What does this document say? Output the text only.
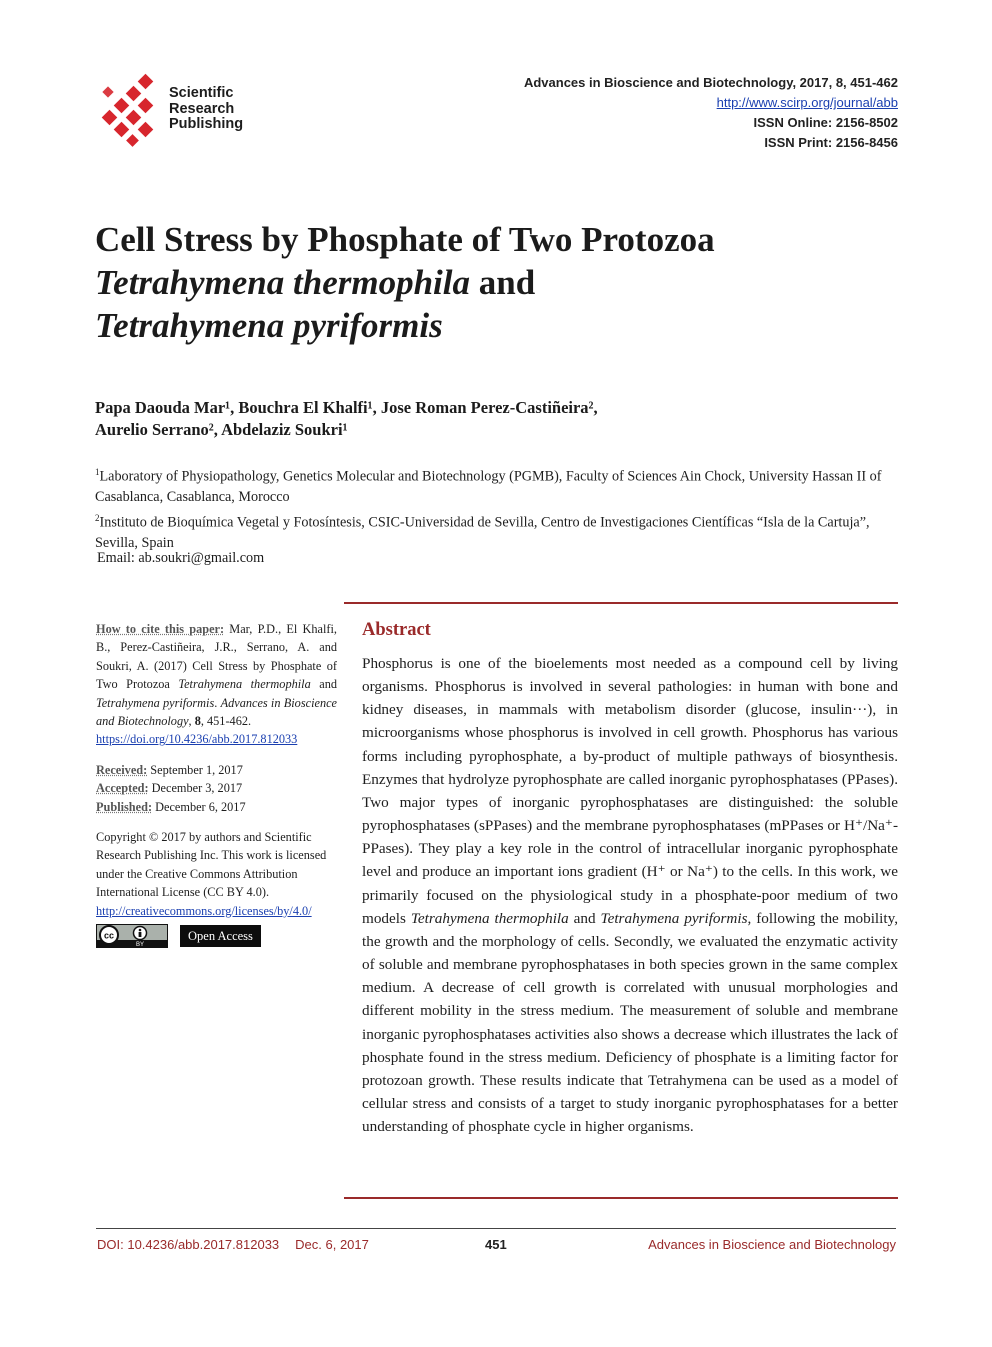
Scientific
Research
Publishing
Advances in Bioscience and Biotechnology, 2017, 8, 451-462
http://www.scirp.org/journal/abb
ISSN Online: 2156-8502
ISSN Print: 2156-8456
Cell Stress by Phosphate of Two Protozoa
Tetrahymena thermophila and
Tetrahymena pyriformis
Papa Daouda Mar¹, Bouchra El Khalfi¹, Jose Roman Perez-Castiñeira²,
Aurelio Serrano², Abdelaziz Soukri¹
$^1$Laboratory of Physiopathology, Genetics Molecular and Biotechnology (PGMB), Faculty of Sciences Ain Chock, University Hassan II of Casablanca, Casablanca, Morocco
$^2$Instituto de Bioquímica Vegetal y Fotosíntesis, CSIC-Universidad de Sevilla, Centro de Investigaciones Científicas “Isla de la Cartuja”, Sevilla, Spain
Email: ab.soukri@gmail.com
How to cite this paper: Mar, P.D., El Khalfi, B., Perez-Castiñeira, J.R., Serrano, A. and Soukri, A. (2017) Cell Stress by Phosphate of Two Protozoa Tetrahymena thermophila and Tetrahymena pyriformis. Advances in Bioscience and Biotechnology, 8, 451-462.
https://doi.org/10.4236/abb.2017.812033
Received: September 1, 2017
Accepted: December 3, 2017
Published: December 6, 2017
Copyright © 2017 by authors and Scientific Research Publishing Inc. This work is licensed under the Creative Commons Attribution International License (CC BY 4.0).
http://creativecommons.org/licenses/by/4.0/
cc
BY
Open Access
Abstract

Phosphorus is one of the bioelements most needed as a compound cell by living organisms. Phosphorus is involved in several pathologies: in human with bone and kidney diseases, in mammals with metabolism disorder (glucose, insulin···), in microorganisms whose phosphorus is involved in cell growth. Phosphorus has various forms including pyrophosphate, a by-product of multiple pathways of biosynthesis. Enzymes that hydrolyze pyrophosphate are called inorganic pyrophosphatases (PPases). Two major types of inorganic pyrophosphatases are distinguished: the soluble pyrophosphatases (sPPases) and the membrane pyrophosphatases (mPPases or H⁺/Na⁺-PPases). They play a key role in the control of intracellular inorganic pyrophosphate level and produce an important ions gradient (H⁺ or Na⁺) to the cells. In this work, we primarily focused on the physiological study in a phosphate-poor medium of two models Tetrahymena thermophila and Tetrahymena pyriformis, following the mobility, the growth and the morphology of cells. Secondly, we evaluated the enzymatic activity of soluble and membrane pyrophosphatases in both species grown in the same complex medium. A decrease of cell growth is correlated with unusual morphologies and different mobility in the stress medium. The measurement of soluble and membrane inorganic pyrophosphatases activities also shows a decrease which illustrates the lack of phosphate found in the stress medium. Deficiency of phosphate is a limiting factor for protozoan growth. These results indicate that Tetrahymena can be used as a model of cellular stress and consists of a target to study inorganic pyrophosphatases for a better understanding of phosphate cycle in higher organisms.

DOI: 10.4236/abb.2017.812033 Dec. 6, 2017	451	Advances in Bioscience and Biotechnology
